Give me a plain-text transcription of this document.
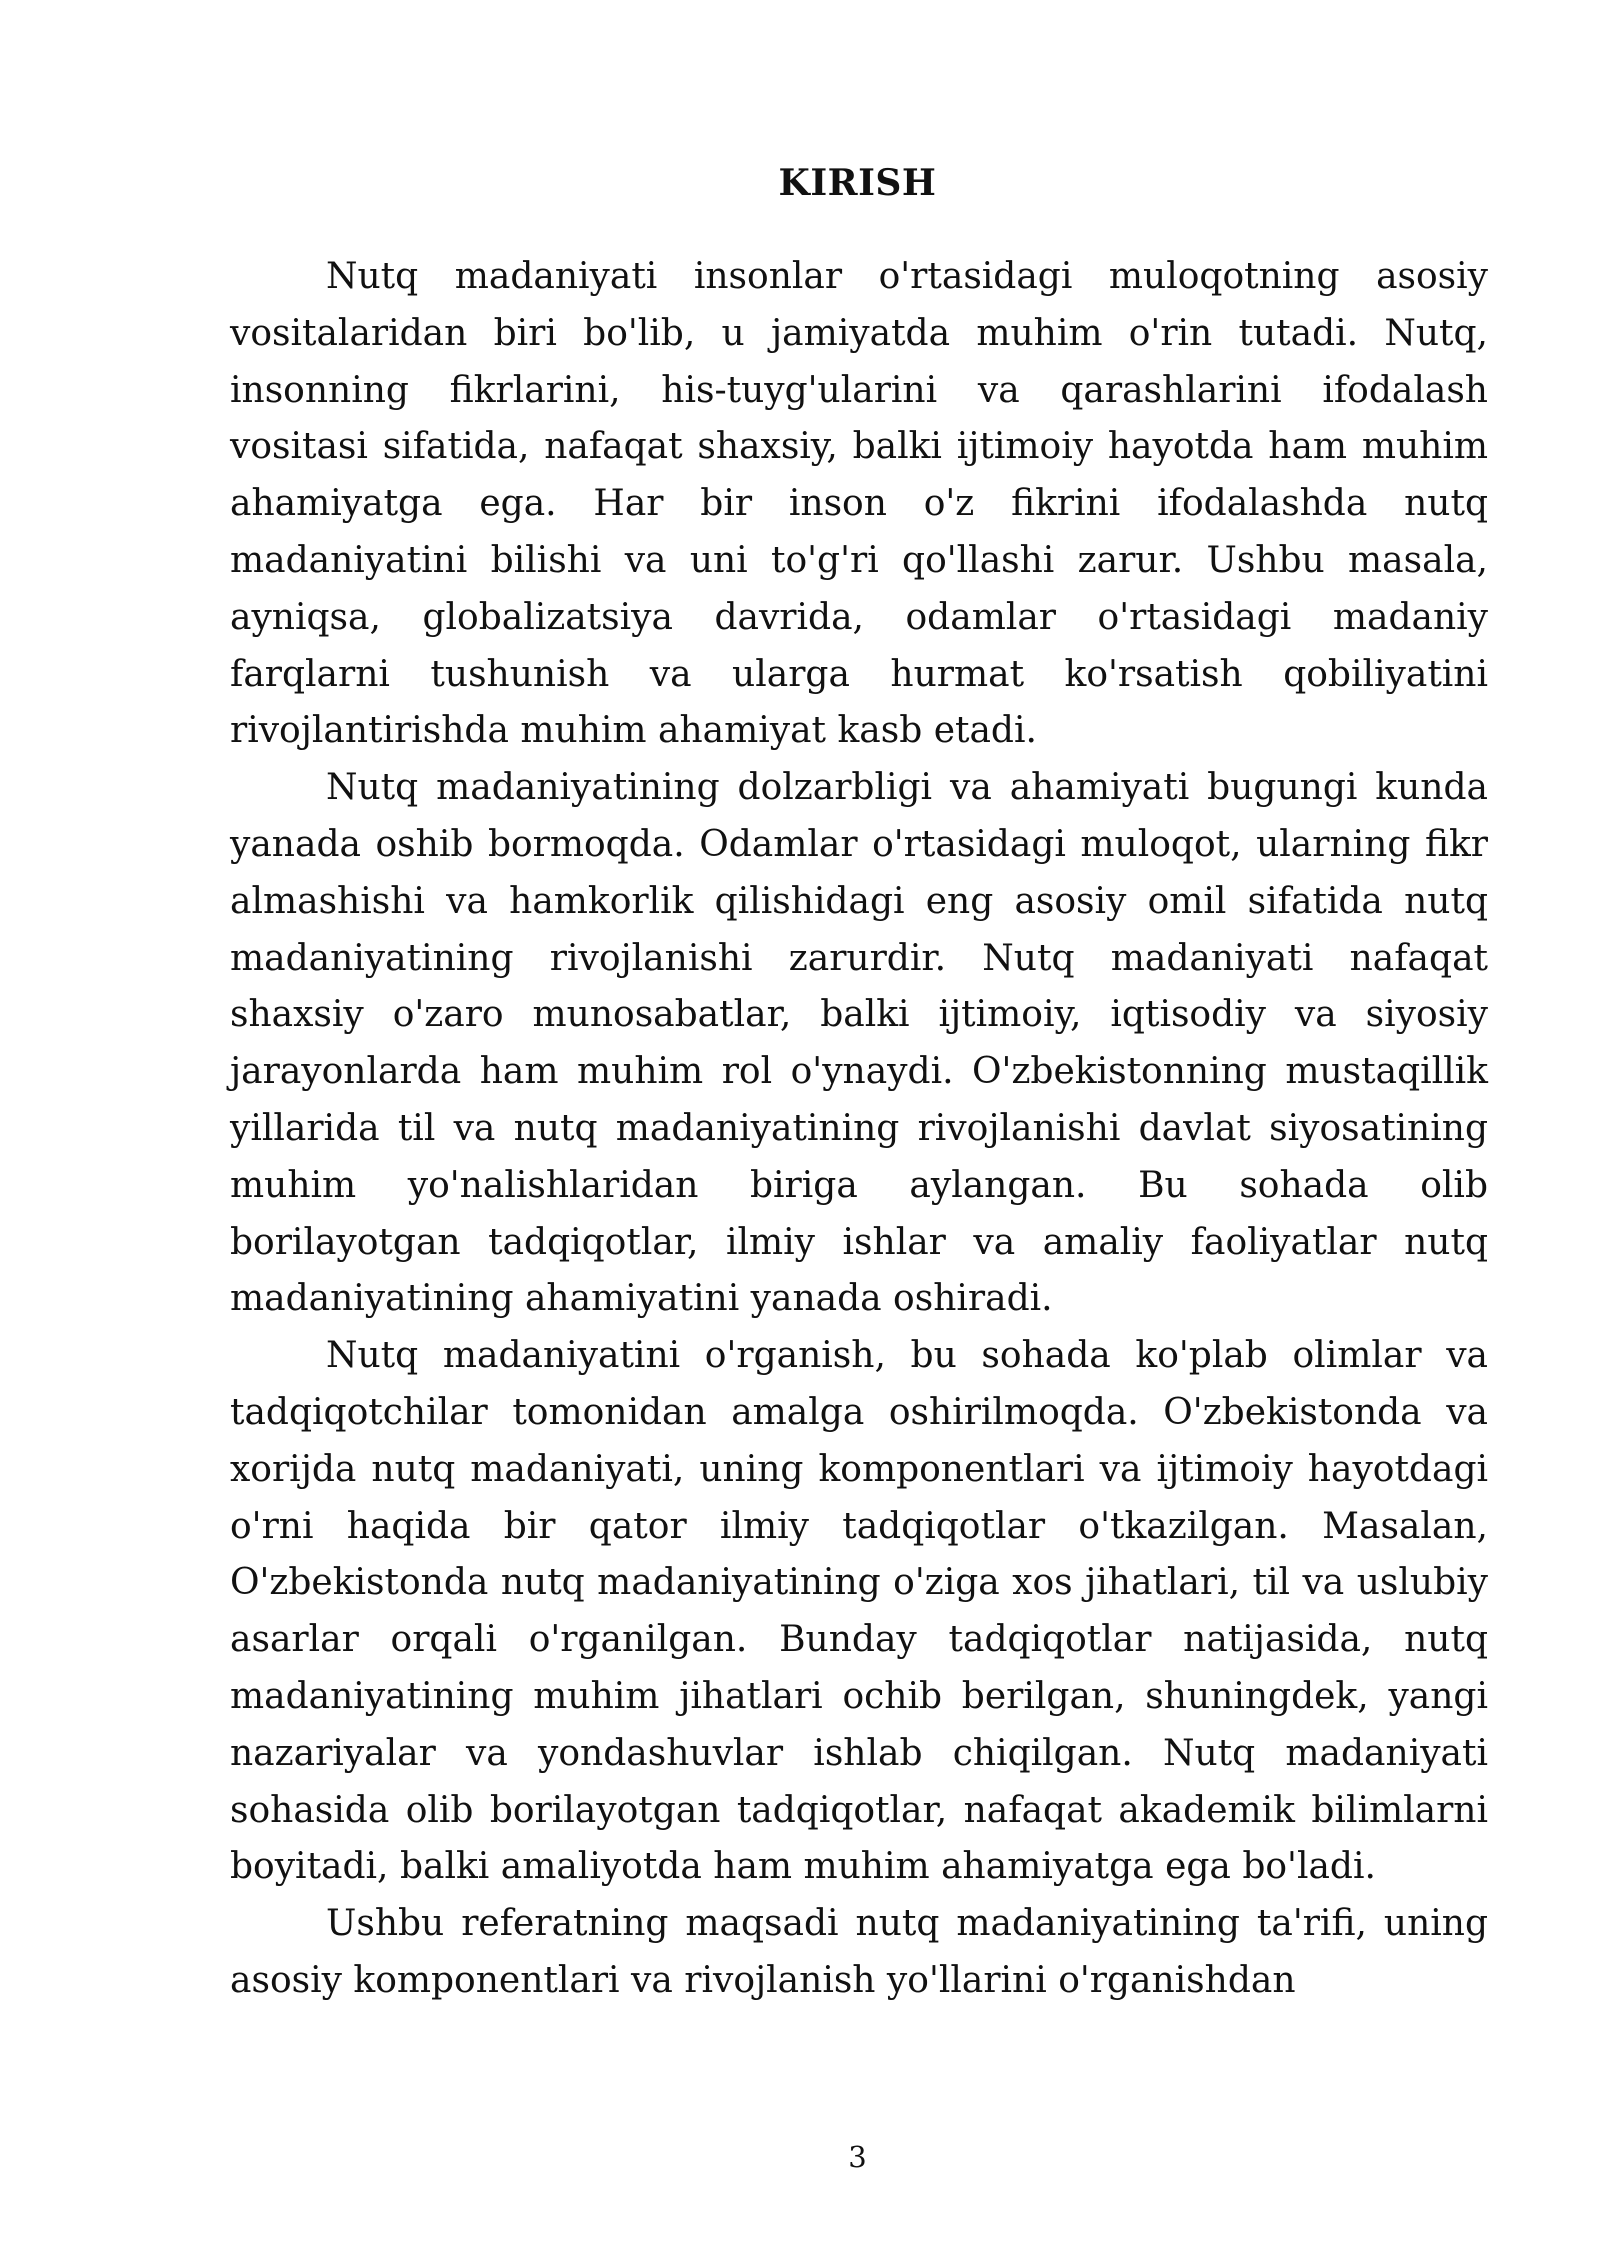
KIRISH

Nutq madaniyati insonlar o'rtasidagi muloqotning asosiy vositalaridan biri bo'lib, u jamiyatda muhim o'rin tutadi. Nutq, insonning fikrlarini, his-tuyg'ularini va qarashlarini ifodalash vositasi sifatida, nafaqat shaxsiy, balki ijtimoiy hayotda ham muhim ahamiyatga ega. Har bir inson o'z fikrini ifodalashda nutq madaniyatini bilishi va uni to'g'ri qo'llashi zarur. Ushbu masala, ayniqsa, globalizatsiya davrida, odamlar o'rtasidagi madaniy farqlarni tushunish va ularga hurmat ko'rsatish qobiliyatini rivojlantirishda muhim ahamiyat kasb etadi.

Nutq madaniyatining dolzarbligi va ahamiyati bugungi kunda yanada oshib bormoqda. Odamlar o'rtasidagi muloqot, ularning fikr almashishi va hamkorlik qilishidagi eng asosiy omil sifatida nutq madaniyatining rivojlanishi zarurdir. Nutq madaniyati nafaqat shaxsiy o'zaro munosabatlar, balki ijtimoiy, iqtisodiy va siyosiy jarayonlarda ham muhim rol o'ynaydi. O'zbekistonning mustaqillik yillarida til va nutq madaniyatining rivojlanishi davlat siyosatining muhim yo'nalishlaridan biriga aylangan. Bu sohada olib borilayotgan tadqiqotlar, ilmiy ishlar va amaliy faoliyatlar nutq madaniyatining ahamiyatini yanada oshiradi.

Nutq madaniyatini o'rganish, bu sohada ko'plab olimlar va tadqiqotchilar tomonidan amalga oshirilmoqda. O'zbekistonda va xorijda nutq madaniyati, uning komponentlari va ijtimoiy hayotdagi o'rni haqida bir qator ilmiy tadqiqotlar o'tkazilgan. Masalan, O'zbekistonda nutq madaniyatining o'ziga xos jihatlari, til va uslubiy asarlar orqali o'rganilgan. Bunday tadqiqotlar natijasida, nutq madaniyatining muhim jihatlari ochib berilgan, shuningdek, yangi nazariyalar va yondashuvlar ishlab chiqilgan. Nutq madaniyati sohasida olib borilayotgan tadqiqotlar, nafaqat akademik bilimlarni boyitadi, balki amaliyotda ham muhim ahamiyatga ega bo'ladi.

Ushbu referatning maqsadi nutq madaniyatining ta'rifi, uning asosiy komponentlari va rivojlanish yo'llarini o'rganishdan

3
